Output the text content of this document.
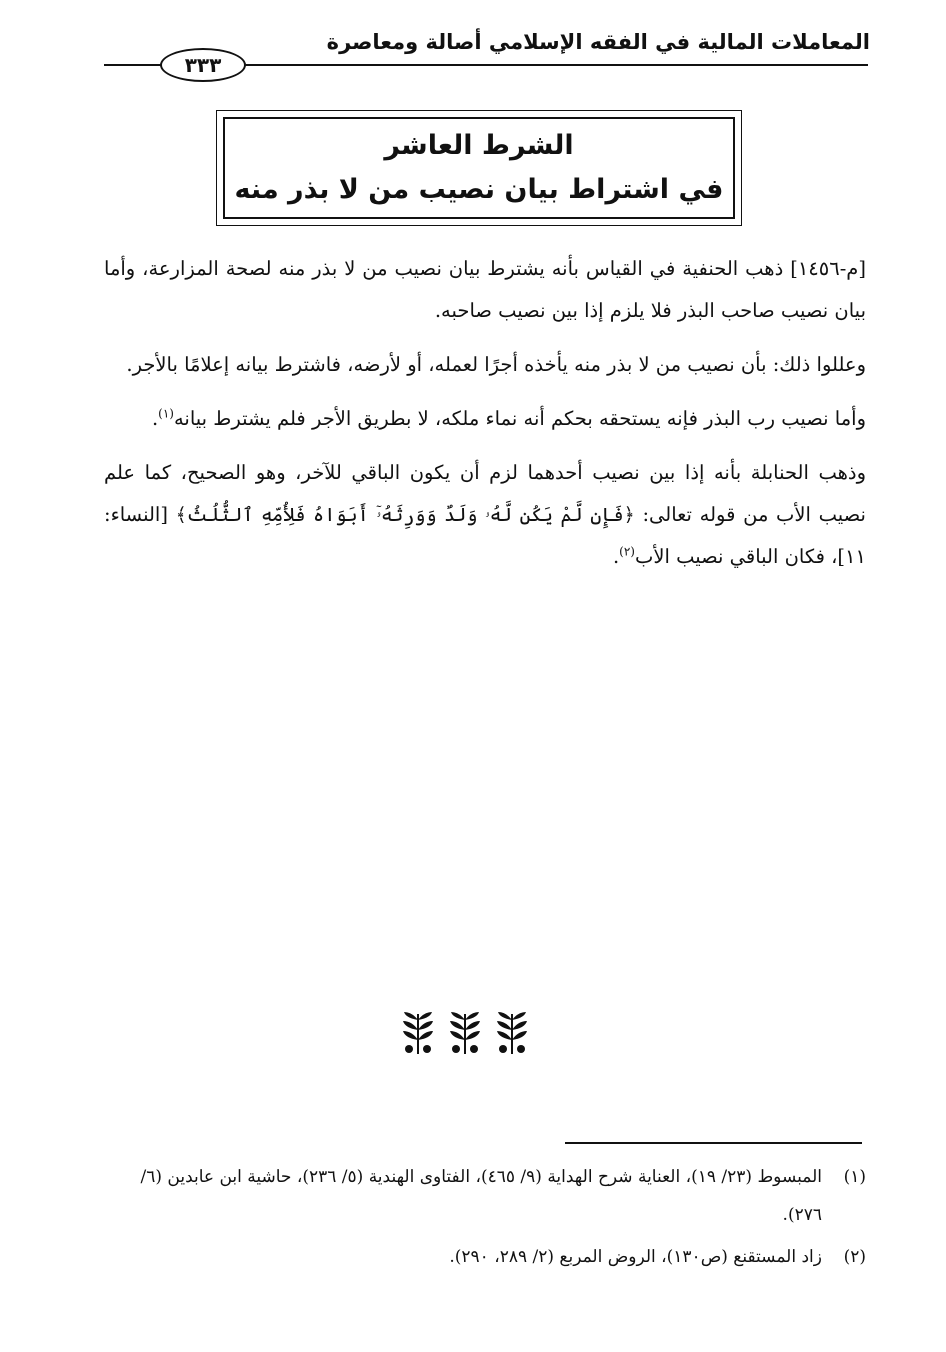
المعاملات المالية في الفقه الإسلامي أصالة ومعاصرة
٣٣٣
الشرط العاشر
في اشتراط بيان نصيب من لا بذر منه

[م-١٤٥٦] ذهب الحنفية في القياس بأنه يشترط بيان نصيب من لا بذر منه لصحة المزارعة، وأما بيان نصيب صاحب البذر فلا يلزم إذا بين نصيب صاحبه.

وعللوا ذلك: بأن نصيب من لا بذر منه يأخذه أجرًا لعمله، أو لأرضه، فاشترط بيانه إعلامًا بالأجر.

وأما نصيب رب البذر فإنه يستحقه بحكم أنه نماء ملكه، لا بطريق الأجر فلم يشترط بيانه$^{(١)}$.

وذهب الحنابلة بأنه إذا بين نصيب أحدهما لزم أن يكون الباقي للآخر، وهو الصحيح، كما علم نصيب الأب من قوله تعالى: ﴿فَإِن لَّمْ يَكُن لَّهُۥ وَلَدٌ وَوَرِثَهُۥٓ أَبَوَاهُ فَلِأُمِّهِ ٱلثُّلُثُ﴾ [النساء: ١١]، فكان الباقي نصيب الأب$^{(٢)}$.

(١)
المبسوط (٢٣/ ١٩)، العناية شرح الهداية (٩/ ٤٦٥)، الفتاوى الهندية (٥/ ٢٣٦)، حاشية ابن عابدين (٦/ ٢٧٦).

(٢)
زاد المستقنع (ص١٣٠)، الروض المربع (٢/ ٢٨٩، ٢٩٠).
